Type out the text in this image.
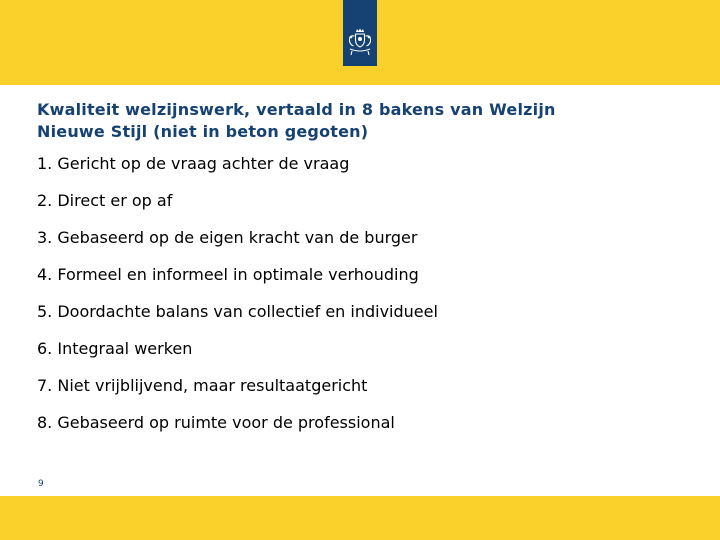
Kwaliteit welzijnswerk, vertaald in 8 bakens van Welzijn
Nieuwe Stijl (niet in beton gegoten)
1. Gericht op de vraag achter de vraag
2. Direct er op af
3. Gebaseerd op de eigen kracht van de burger
4. Formeel en informeel in optimale verhouding
5. Doordachte balans van collectief en individueel
6. Integraal werken
7. Niet vrijblijvend, maar resultaatgericht
8. Gebaseerd op ruimte voor de professional
9
